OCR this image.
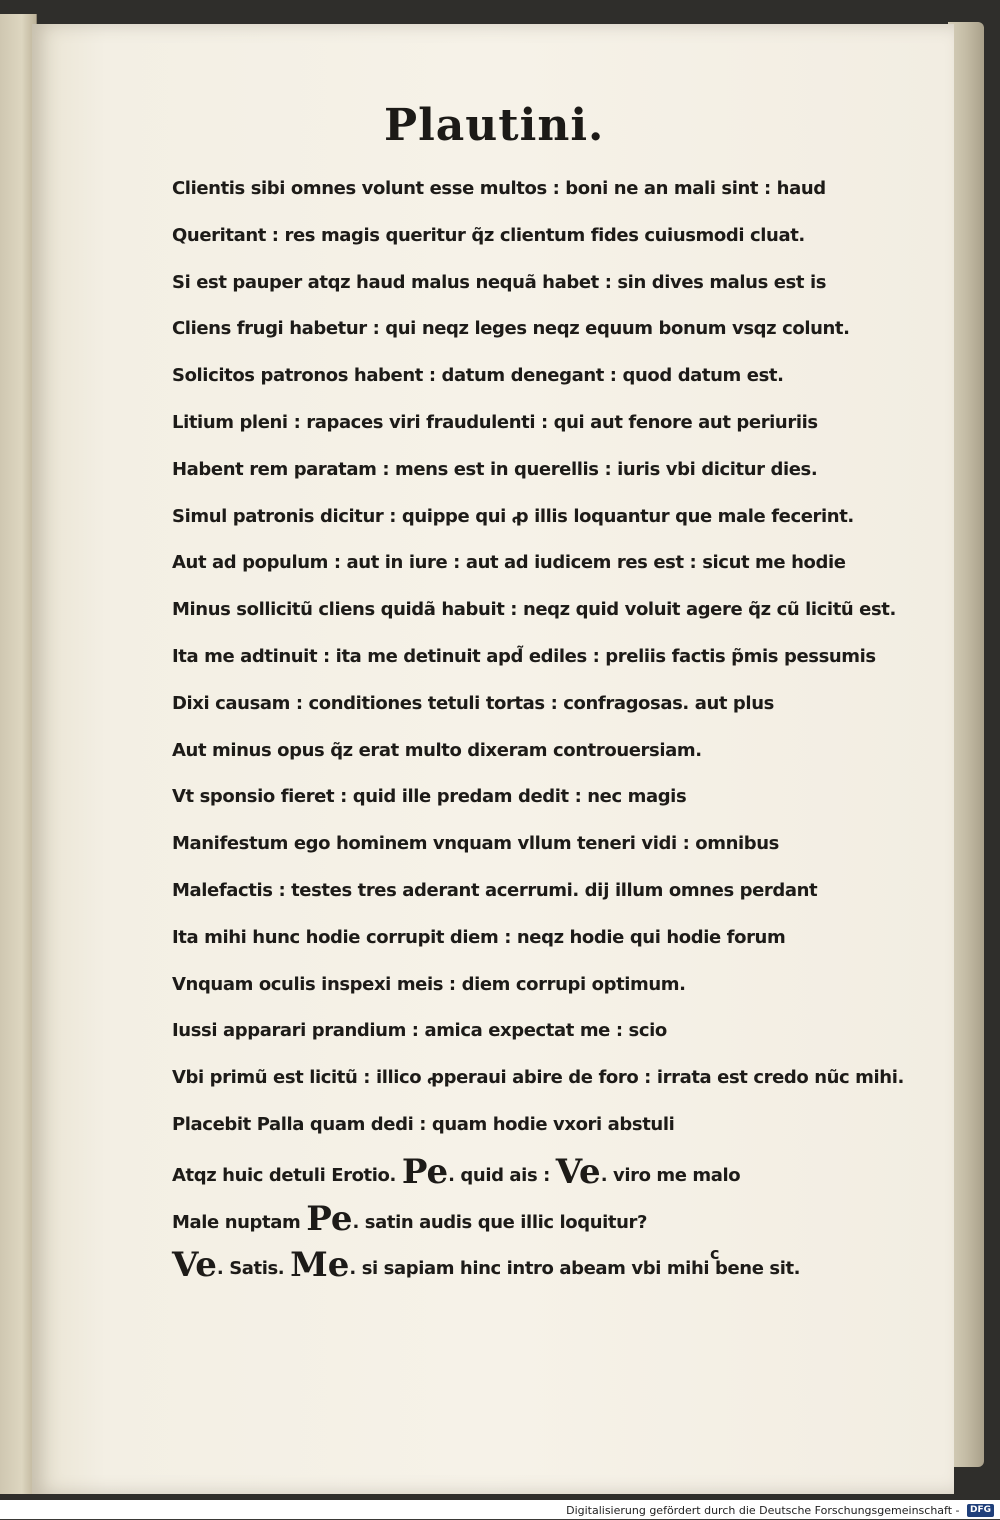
Plautini.
Clientis sibi omnes volunt esse multos : boni ne an mali sint : haud
Queritant : res magis queritur q̃z clientum fides cuiusmodi cluat.
Si est pauper atqz haud malus nequã habet : sin dives malus est is
Cliens frugi habetur : qui neqz leges neqz equum bonum vsqz colunt.
Solicitos patronos habent : datum denegant : quod datum est.
Litium pleni : rapaces viri fraudulenti : qui aut fenore aut periuriis
Habent rem paratam : mens est in querellis : iuris vbi dicitur dies.
Simul patronis dicitur : quippe qui ꝓ illis loquantur que male fecerint.
Aut ad populum : aut in iure : aut ad iudicem res est : sicut me hodie
Minus sollicitũ cliens quidã habuit : neqz quid voluit agere q̃z cũ licitũ est.
Ita me adtinuit : ita me detinuit apd̃ ediles : preliis factis p̃mis pessumis
Dixi causam : conditiones tetuli tortas : confragosas. aut plus
Aut minus opus q̃z erat multo dixeram controuersiam.
Vt sponsio fieret : quid ille predam dedit : nec magis
Manifestum ego hominem vnquam vllum teneri vidi : omnibus
Malefactis : testes tres aderant acerrumi. dĳ illum omnes perdant
Ita mihi hunc hodie corrupit diem : neqz hodie qui hodie forum
Vnquam oculis inspexi meis : diem corrupi optimum.
Iussi apparari prandium : amica expectat me : scio
Vbi primũ est licitũ : illico ꝓperaui abire de foro : irrata est credo nũc mihi.
Placebit Palla quam dedi : quam hodie vxori abstuli
Atqz huic detuli Erotio. Pe. quid ais : Ve. viro me malo
Male nuptam Pe. satin audis que illic loquitur?
Ve. Satis. Me. si sapiam hinc intro abeam vbi mihi bene sit.
c
Digitalisierung gefördert durch die Deutsche Forschungsgemeinschaft - DFG
